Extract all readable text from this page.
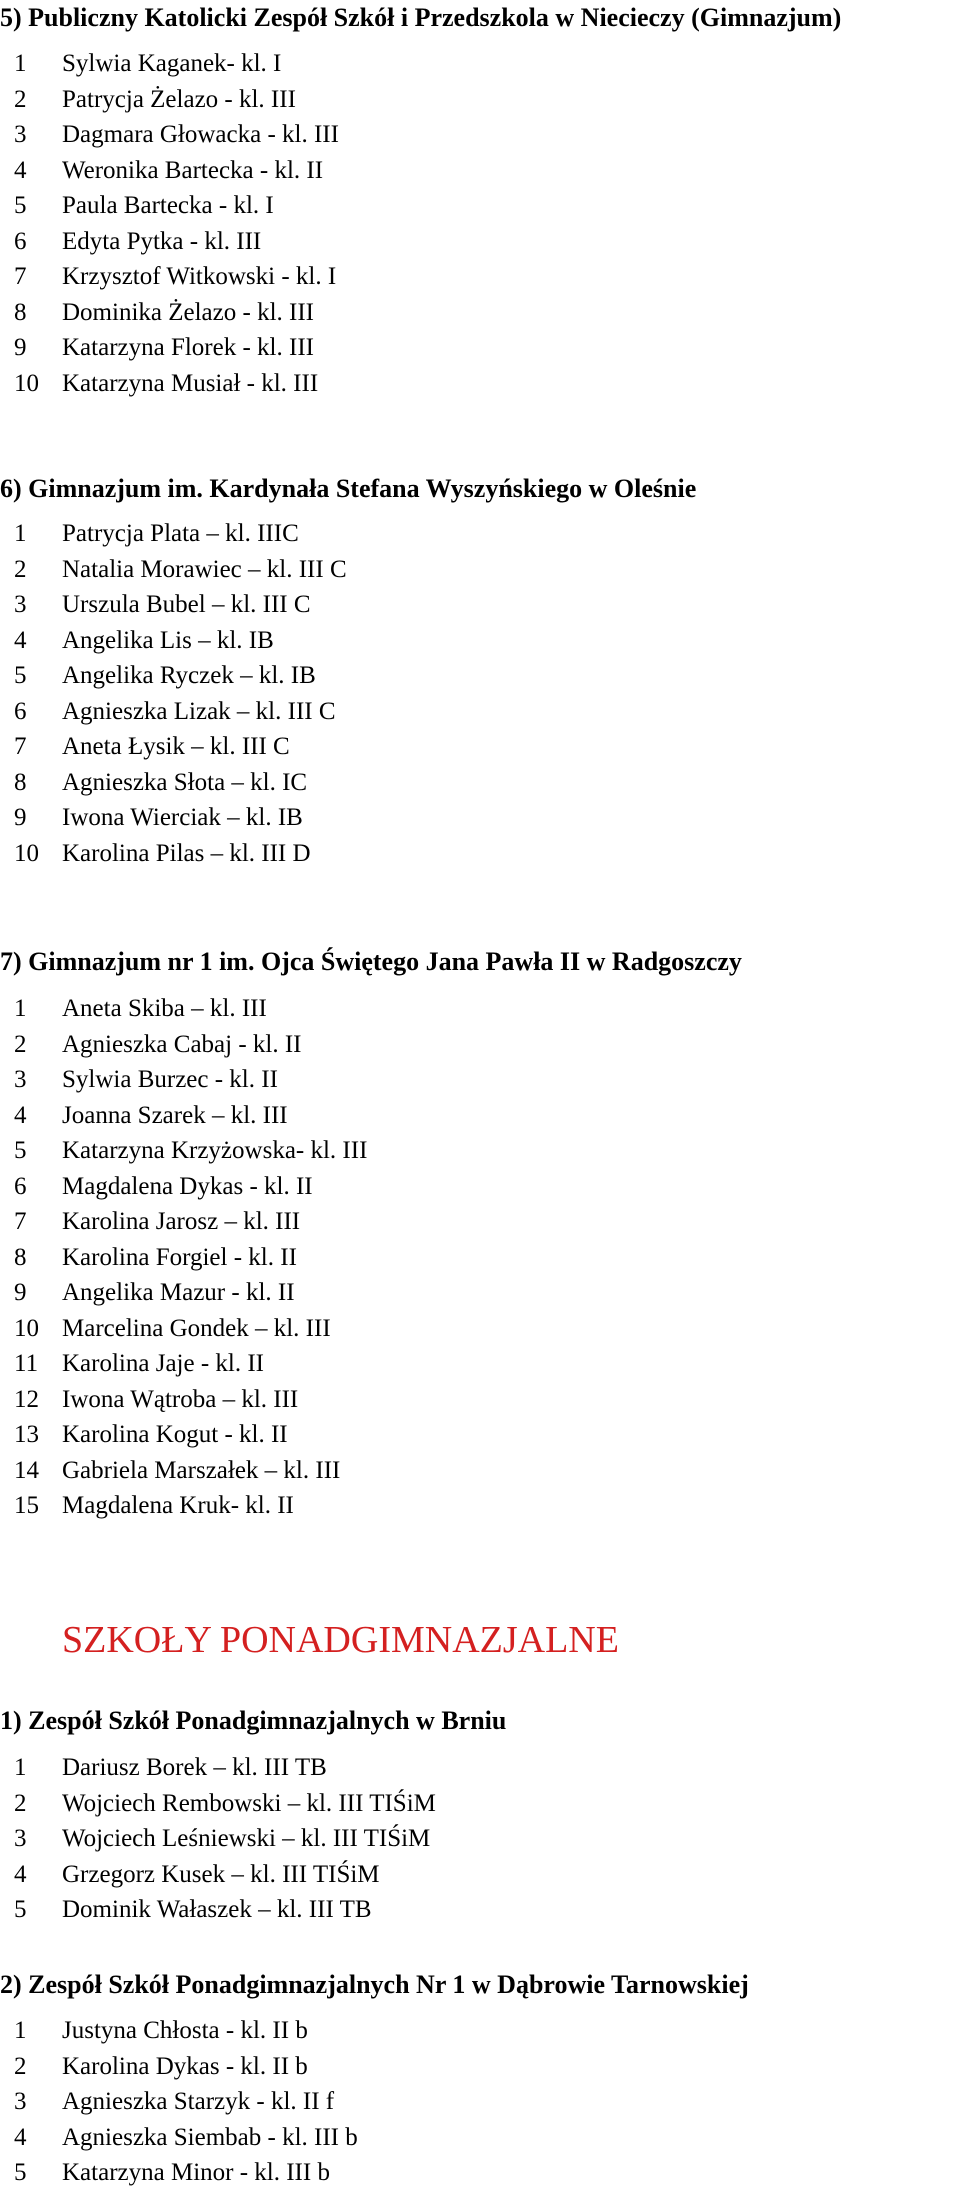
5) Publiczny Katolicki Zespół Szkół i Przedszkola w Niecieczy (Gimnazjum)
1	Sylwia Kaganek- kl. I
2	Patrycja Żelazo - kl. III
3	Dagmara Głowacka - kl. III
4	Weronika Bartecka - kl. II
5	Paula Bartecka - kl. I
6	Edyta Pytka - kl. III
7	Krzysztof Witkowski - kl. I
8	Dominika Żelazo - kl. III
9	Katarzyna Florek - kl. III
10 Katarzyna Musiał - kl. III
6) Gimnazjum im. Kardynała Stefana Wyszyńskiego w Oleśnie
1	Patrycja Plata – kl. IIIC
2	Natalia Morawiec – kl. III C
3	Urszula Bubel – kl. III C
4	Angelika Lis – kl. IB
5	Angelika Ryczek – kl. IB
6	Agnieszka Lizak – kl. III C
7	Aneta Łysik – kl. III C
8	Agnieszka Słota – kl. IC
9	Iwona Wierciak – kl. IB
10 Karolina Pilas – kl. III D
7) Gimnazjum nr 1 im. Ojca Świętego Jana Pawła II w Radgoszczy
1	Aneta Skiba – kl. III
2	Agnieszka Cabaj - kl. II
3	Sylwia Burzec - kl. II
4	Joanna Szarek – kl. III
5	Katarzyna Krzyżowska- kl. III
6	Magdalena Dykas - kl. II
7	Karolina Jarosz – kl. III
8	Karolina Forgiel - kl. II
9	Angelika Mazur - kl. II
10 Marcelina Gondek – kl. III
11 Karolina Jaje - kl. II
12 Iwona Wątroba – kl. III
13 Karolina Kogut - kl. II
14 Gabriela Marszałek – kl. III
15 Magdalena Kruk- kl. II
SZKOŁY PONADGIMNAZJALNE
1) Zespół Szkół Ponadgimnazjalnych w Brniu
1	Dariusz Borek – kl. III TB
2	Wojciech Rembowski – kl. III TIŚiM
3	Wojciech Leśniewski – kl. III TIŚiM
4	Grzegorz Kusek – kl. III TIŚiM
5	Dominik Wałaszek – kl. III TB
2) Zespół Szkół Ponadgimnazjalnych Nr 1 w Dąbrowie Tarnowskiej
1	Justyna Chłosta - kl. II b
2	Karolina Dykas - kl. II b
3	Agnieszka Starzyk - kl. II f
4	Agnieszka Siembab - kl. III b
5	Katarzyna Minor - kl. III b
